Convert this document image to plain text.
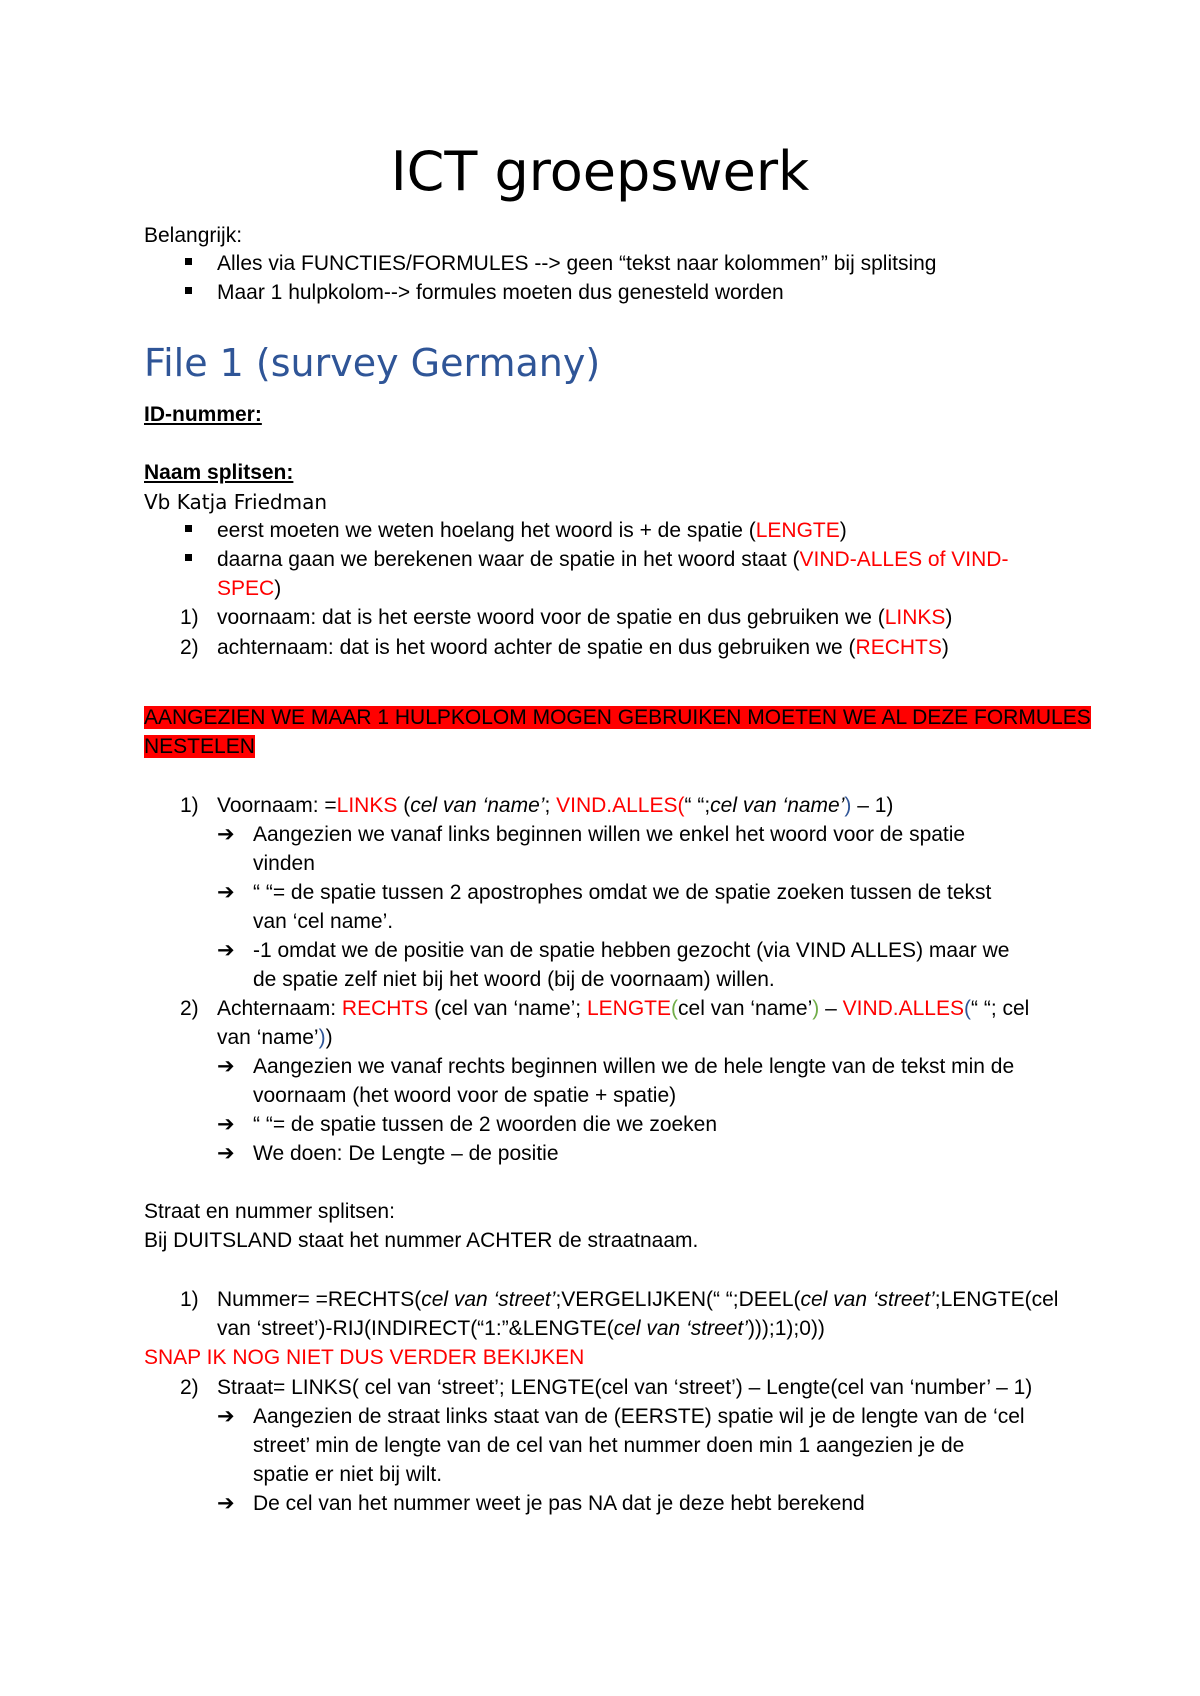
ICT groepswerk
Belangrijk:
Alles via FUNCTIES/FORMULES --> geen “tekst naar kolommen” bij splitsing
Maar 1 hulpkolom--> formules moeten dus genesteld worden
File 1 (survey Germany)
ID-nummer:
Naam splitsen:
Vb Katja Friedman
eerst moeten we weten hoelang het woord is + de spatie (LENGTE)
daarna gaan we berekenen waar de spatie in het woord staat (VIND-ALLES of VIND-
SPEC)
1) voornaam: dat is het eerste woord voor de spatie en dus gebruiken we (LINKS)
2) achternaam: dat is het woord achter de spatie en dus gebruiken we (RECHTS)
AANGEZIEN WE MAAR 1 HULPKOLOM MOGEN GEBRUIKEN MOETEN WE AL DEZE FORMULES
NESTELEN
1) Voornaam: =LINKS (cel van ‘name’; VIND.ALLES(“ “;cel van ‘name’) – 1)
➔ Aangezien we vanaf links beginnen willen we enkel het woord voor de spatie
vinden
➔ “ “= de spatie tussen 2 apostrophes omdat we de spatie zoeken tussen de tekst
van ‘cel name’.
➔ -1 omdat we de positie van de spatie hebben gezocht (via VIND ALLES) maar we
de spatie zelf niet bij het woord (bij de voornaam) willen.
2) Achternaam: RECHTS (cel van ‘name’; LENGTE(cel van ‘name’) – VIND.ALLES(“ “; cel
van ‘name’))
➔ Aangezien we vanaf rechts beginnen willen we de hele lengte van de tekst min de
voornaam (het woord voor de spatie + spatie)
➔ “ “= de spatie tussen de 2 woorden die we zoeken
➔ We doen: De Lengte – de positie
Straat en nummer splitsen:
Bij DUITSLAND staat het nummer ACHTER de straatnaam.
1) Nummer= =RECHTS(cel van ‘street’;VERGELIJKEN(“ “;DEEL(cel van ‘street’;LENGTE(cel
van ‘street’)-RIJ(INDIRECT(“1:”&LENGTE(cel van ‘street’)));1);0))
SNAP IK NOG NIET DUS VERDER BEKIJKEN
2) Straat= LINKS( cel van ‘street’; LENGTE(cel van ‘street’) – Lengte(cel van ‘number’ – 1)
➔ Aangezien de straat links staat van de (EERSTE) spatie wil je de lengte van de ‘cel
street’ min de lengte van de cel van het nummer doen min 1 aangezien je de
spatie er niet bij wilt.
➔ De cel van het nummer weet je pas NA dat je deze hebt berekend
